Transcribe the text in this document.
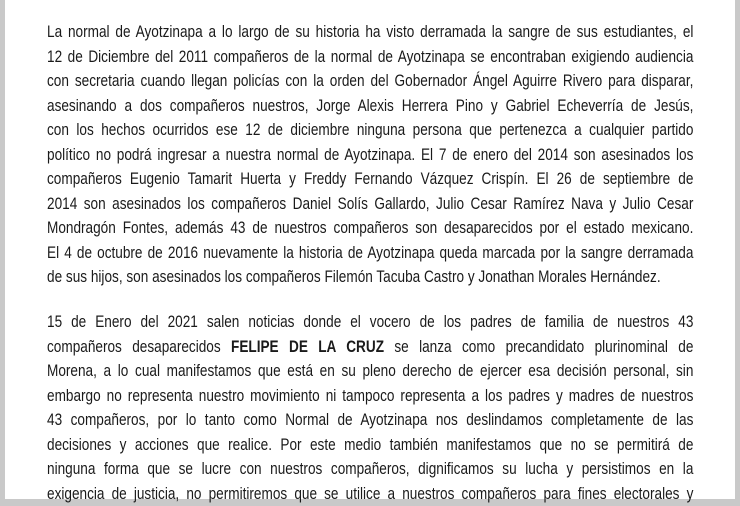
La normal de Ayotzinapa a lo largo de su historia ha visto derramada la sangre de sus estudiantes, el
12 de Diciembre del 2011 compañeros de la normal de Ayotzinapa se encontraban exigiendo audiencia
con secretaria cuando llegan policías con la orden del Gobernador Ángel Aguirre Rivero para disparar,
asesinando a dos compañeros nuestros, Jorge Alexis Herrera Pino y Gabriel Echeverría de Jesús,
con los hechos ocurridos ese 12 de diciembre ninguna persona que pertenezca a cualquier partido
político no podrá ingresar a nuestra normal de Ayotzinapa. El 7 de enero del 2014 son asesinados los
compañeros Eugenio Tamarit Huerta y Freddy Fernando Vázquez Crispín. El 26 de septiembre de
2014 son asesinados los compañeros Daniel Solís Gallardo, Julio Cesar Ramírez Nava y Julio Cesar
Mondragón Fontes, además 43 de nuestros compañeros son desaparecidos por el estado mexicano.
El 4 de octubre de 2016 nuevamente la historia de Ayotzinapa queda marcada por la sangre derramada
de sus hijos, son asesinados los compañeros Filemón Tacuba Castro y Jonathan Morales Hernández.
15 de Enero del 2021 salen noticias donde el vocero de los padres de familia de nuestros 43
compañeros desaparecidos FELIPE DE LA CRUZ se lanza como precandidato plurinominal de
Morena, a lo cual manifestamos que está en su pleno derecho de ejercer esa decisión personal, sin
embargo no representa nuestro movimiento ni tampoco representa a los padres y madres de nuestros
43 compañeros, por lo tanto como Normal de Ayotzinapa nos deslindamos completamente de las
decisiones y acciones que realice. Por este medio también manifestamos que no se permitirá de
ninguna forma que se lucre con nuestros compañeros, dignificamos su lucha y persistimos en la
exigencia de justicia, no permitiremos que se utilice a nuestros compañeros para fines electorales y
